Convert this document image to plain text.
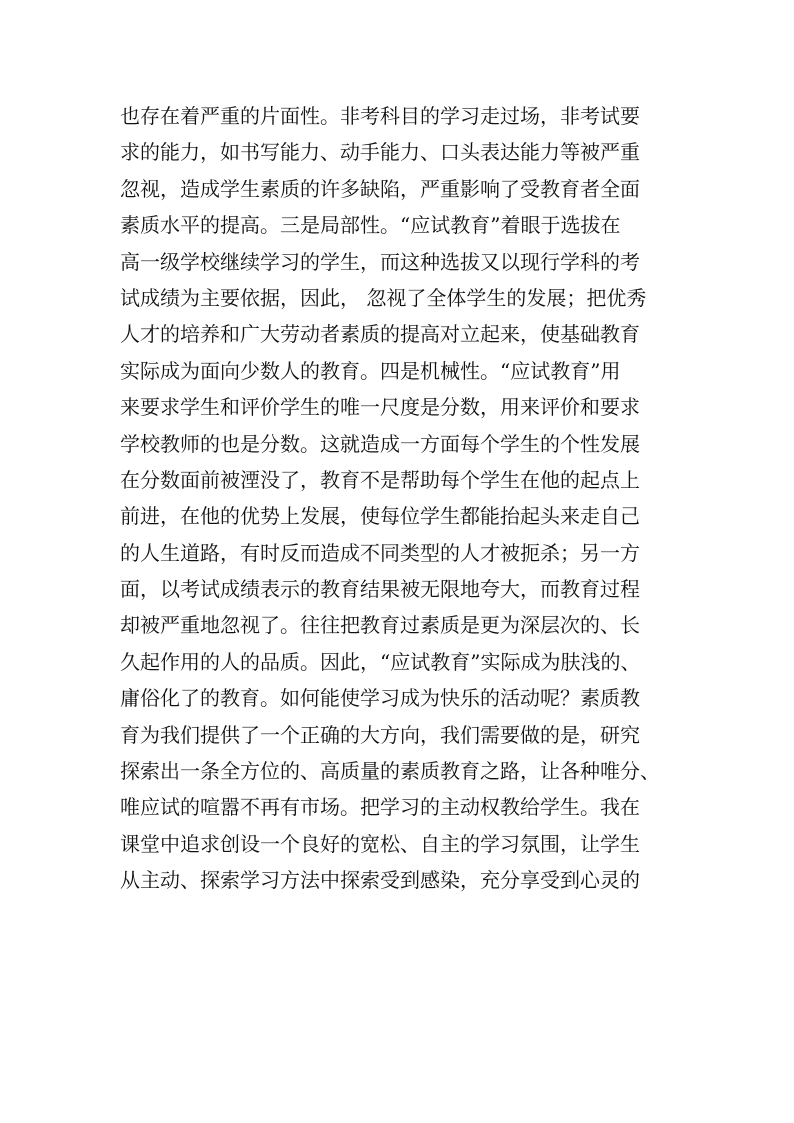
也存在着严重的片面性。非考科目的学习走过场，非考试要
求的能力，如书写能力、动手能力、口头表达能力等被严重
忽视，造成学生素质的许多缺陷，严重影响了受教育者全面
素质水平的提高。三是局部性。“应试教育”着眼于选拔在
高一级学校继续学习的学生，而这种选拔又以现行学科的考
试成绩为主要依据，因此， 忽视了全体学生的发展；把优秀
人才的培养和广大劳动者素质的提高对立起来，使基础教育
实际成为面向少数人的教育。四是机械性。“应试教育”用
来要求学生和评价学生的唯一尺度是分数，用来评价和要求
学校教师的也是分数。这就造成一方面每个学生的个性发展
在分数面前被湮没了，教育不是帮助每个学生在他的起点上
前进，在他的优势上发展，使每位学生都能抬起头来走自己
的人生道路，有时反而造成不同类型的人才被扼杀；另一方
面，以考试成绩表示的教育结果被无限地夸大，而教育过程
却被严重地忽视了。往往把教育过素质是更为深层次的、长
久起作用的人的品质。因此，“应试教育”实际成为肤浅的、
庸俗化了的教育。如何能使学习成为快乐的活动呢？素质教
育为我们提供了一个正确的大方向，我们需要做的是，研究
探索出一条全方位的、高质量的素质教育之路，让各种唯分、
唯应试的喧嚣不再有市场。把学习的主动权教给学生。我在
课堂中追求创设一个良好的宽松、自主的学习氛围，让学生
从主动、探索学习方法中探索受到感染，充分享受到心灵的
